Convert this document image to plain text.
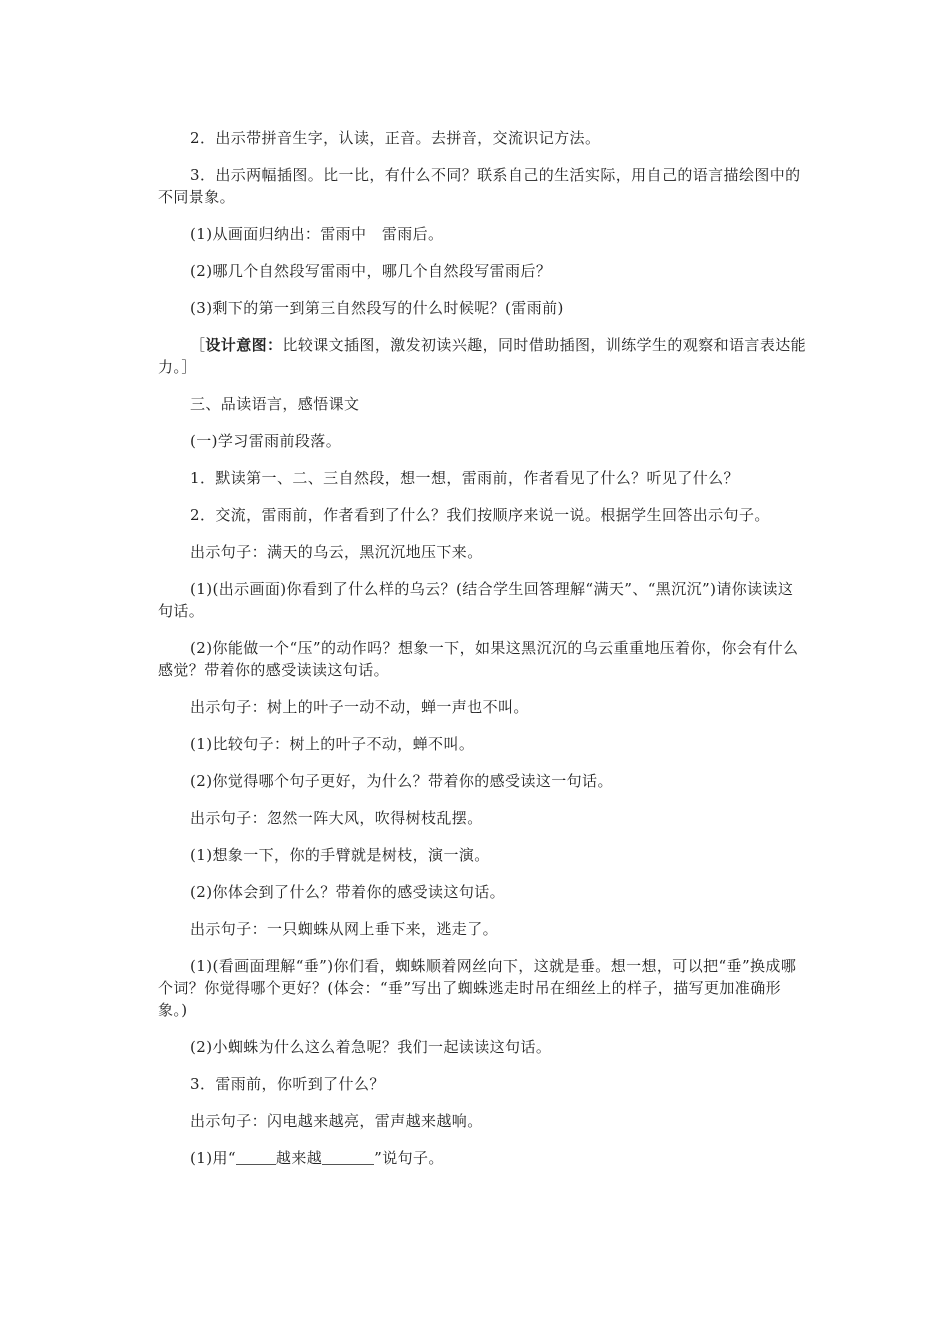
2．出示带拼音生字，认读，正音。去拼音，交流识记方法。

3．出示两幅插图。比一比，有什么不同？联系自己的生活实际，用自己的语言描绘图中的不同景象。

(1)从画面归纳出：雷雨中　雷雨后。

(2)哪几个自然段写雷雨中，哪几个自然段写雷雨后？

(3)剩下的第一到第三自然段写的什么时候呢？(雷雨前)

［设计意图：比较课文插图，激发初读兴趣，同时借助插图，训练学生的观察和语言表达能力。］

三、品读语言，感悟课文

(一)学习雷雨前段落。

1．默读第一、二、三自然段，想一想，雷雨前，作者看见了什么？听见了什么？

2．交流，雷雨前，作者看到了什么？我们按顺序来说一说。根据学生回答出示句子。

出示句子：满天的乌云，黑沉沉地压下来。

(1)(出示画面)你看到了什么样的乌云？(结合学生回答理解“满天”、“黑沉沉”)请你读读这句话。

(2)你能做一个“压”的动作吗？想象一下，如果这黑沉沉的乌云重重地压着你，你会有什么感觉？带着你的感受读读这句话。

出示句子：树上的叶子一动不动，蝉一声也不叫。

(1)比较句子：树上的叶子不动，蝉不叫。

(2)你觉得哪个句子更好，为什么？带着你的感受读这一句话。

出示句子：忽然一阵大风，吹得树枝乱摆。

(1)想象一下，你的手臂就是树枝，演一演。

(2)你体会到了什么？带着你的感受读这句话。

出示句子：一只蜘蛛从网上垂下来，逃走了。

(1)(看画面理解“垂”)你们看，蜘蛛顺着网丝向下，这就是垂。想一想，可以把“垂”换成哪个词？你觉得哪个更好？(体会：“垂”写出了蜘蛛逃走时吊在细丝上的样子，描写更加准确形象。)

(2)小蜘蛛为什么这么着急呢？我们一起读读这句话。

3．雷雨前，你听到了什么？

出示句子：闪电越来越亮，雷声越来越响。

(1)用“	越来越	”说句子。
